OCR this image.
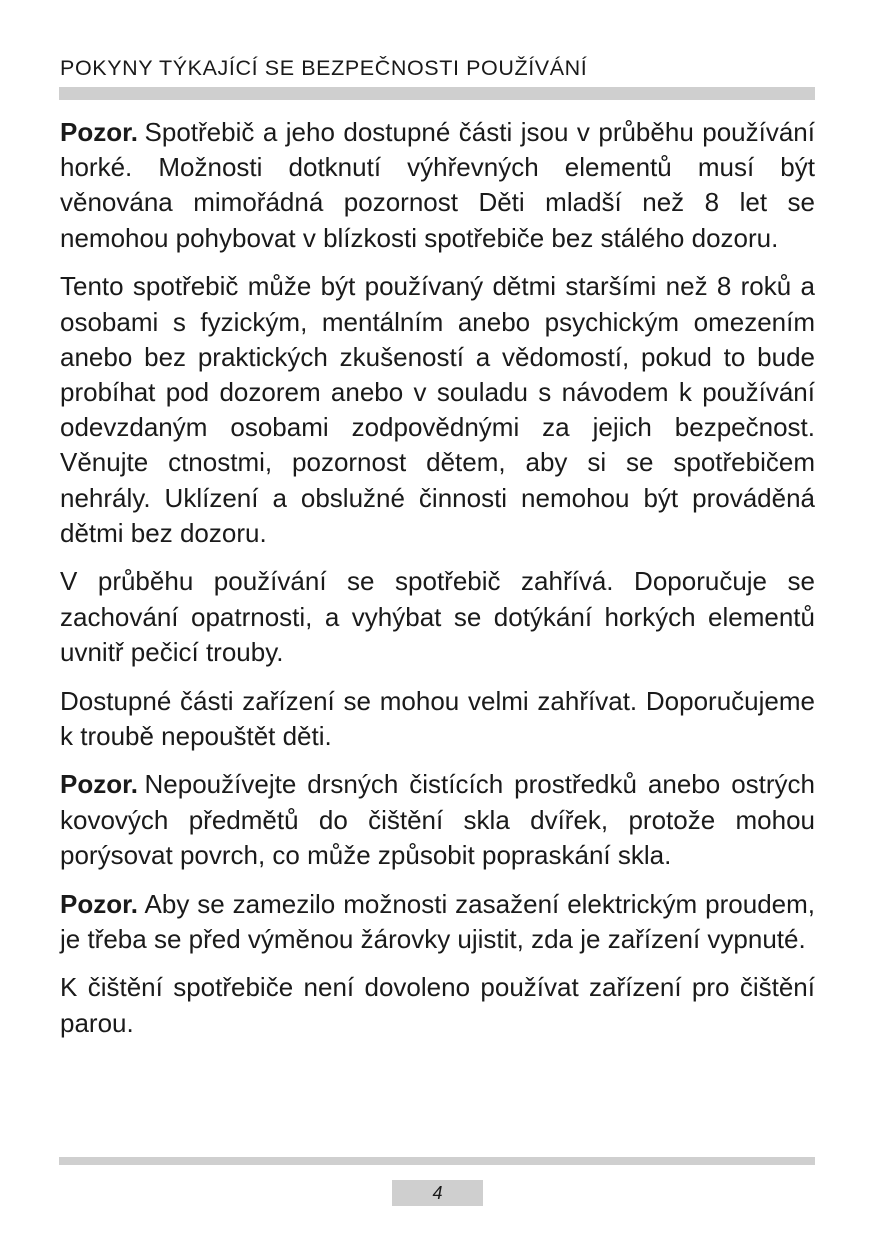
POKYNY TÝKAJÍCÍ SE BEZPEČNOSTI POUŽÍVÁNÍ

Pozor. Spotřebič a jeho dostupné části jsou v průběhu používání horké. Možnosti dotknutí výhřevných elementů musí být věnována mimořádná pozornost Děti mladší než 8 let se nemohou pohybovat v blízkosti spotřebiče bez stálého dozoru.

Tento spotřebič může být používaný dětmi staršími než 8 roků a osobami s fyzickým, mentálním anebo psychickým omezením anebo bez praktických zkušeností a vědomostí, pokud to bude probíhat pod dozorem anebo v souladu s návodem k používání odevzdaným osobami zodpovědnými za jejich bezpečnost. Věnujte ctnostmi, pozornost dětem, aby si se spotřebičem nehrály. Uklízení a obslužné činnosti nemohou být prováděná dětmi bez dozoru.

V průběhu používání se spotřebič zahřívá. Doporučuje se zachování opatrnosti, a vyhýbat se dotýkání horkých elementů uvnitř pečicí trouby.

Dostupné části zařízení se mohou velmi zahřívat. Doporučujeme k troubě nepouštět děti.

Pozor. Nepoužívejte drsných čistících prostředků anebo ostrých kovových předmětů do čištění skla dvířek, protože mohou porýsovat povrch, co může způsobit popraskání skla.

Pozor. Aby se zamezilo možnosti zasažení elektrickým proudem, je třeba se před výměnou žárovky ujistit, zda je zařízení vypnuté.

K čištění spotřebiče není dovoleno používat zařízení pro čištění parou.

4
